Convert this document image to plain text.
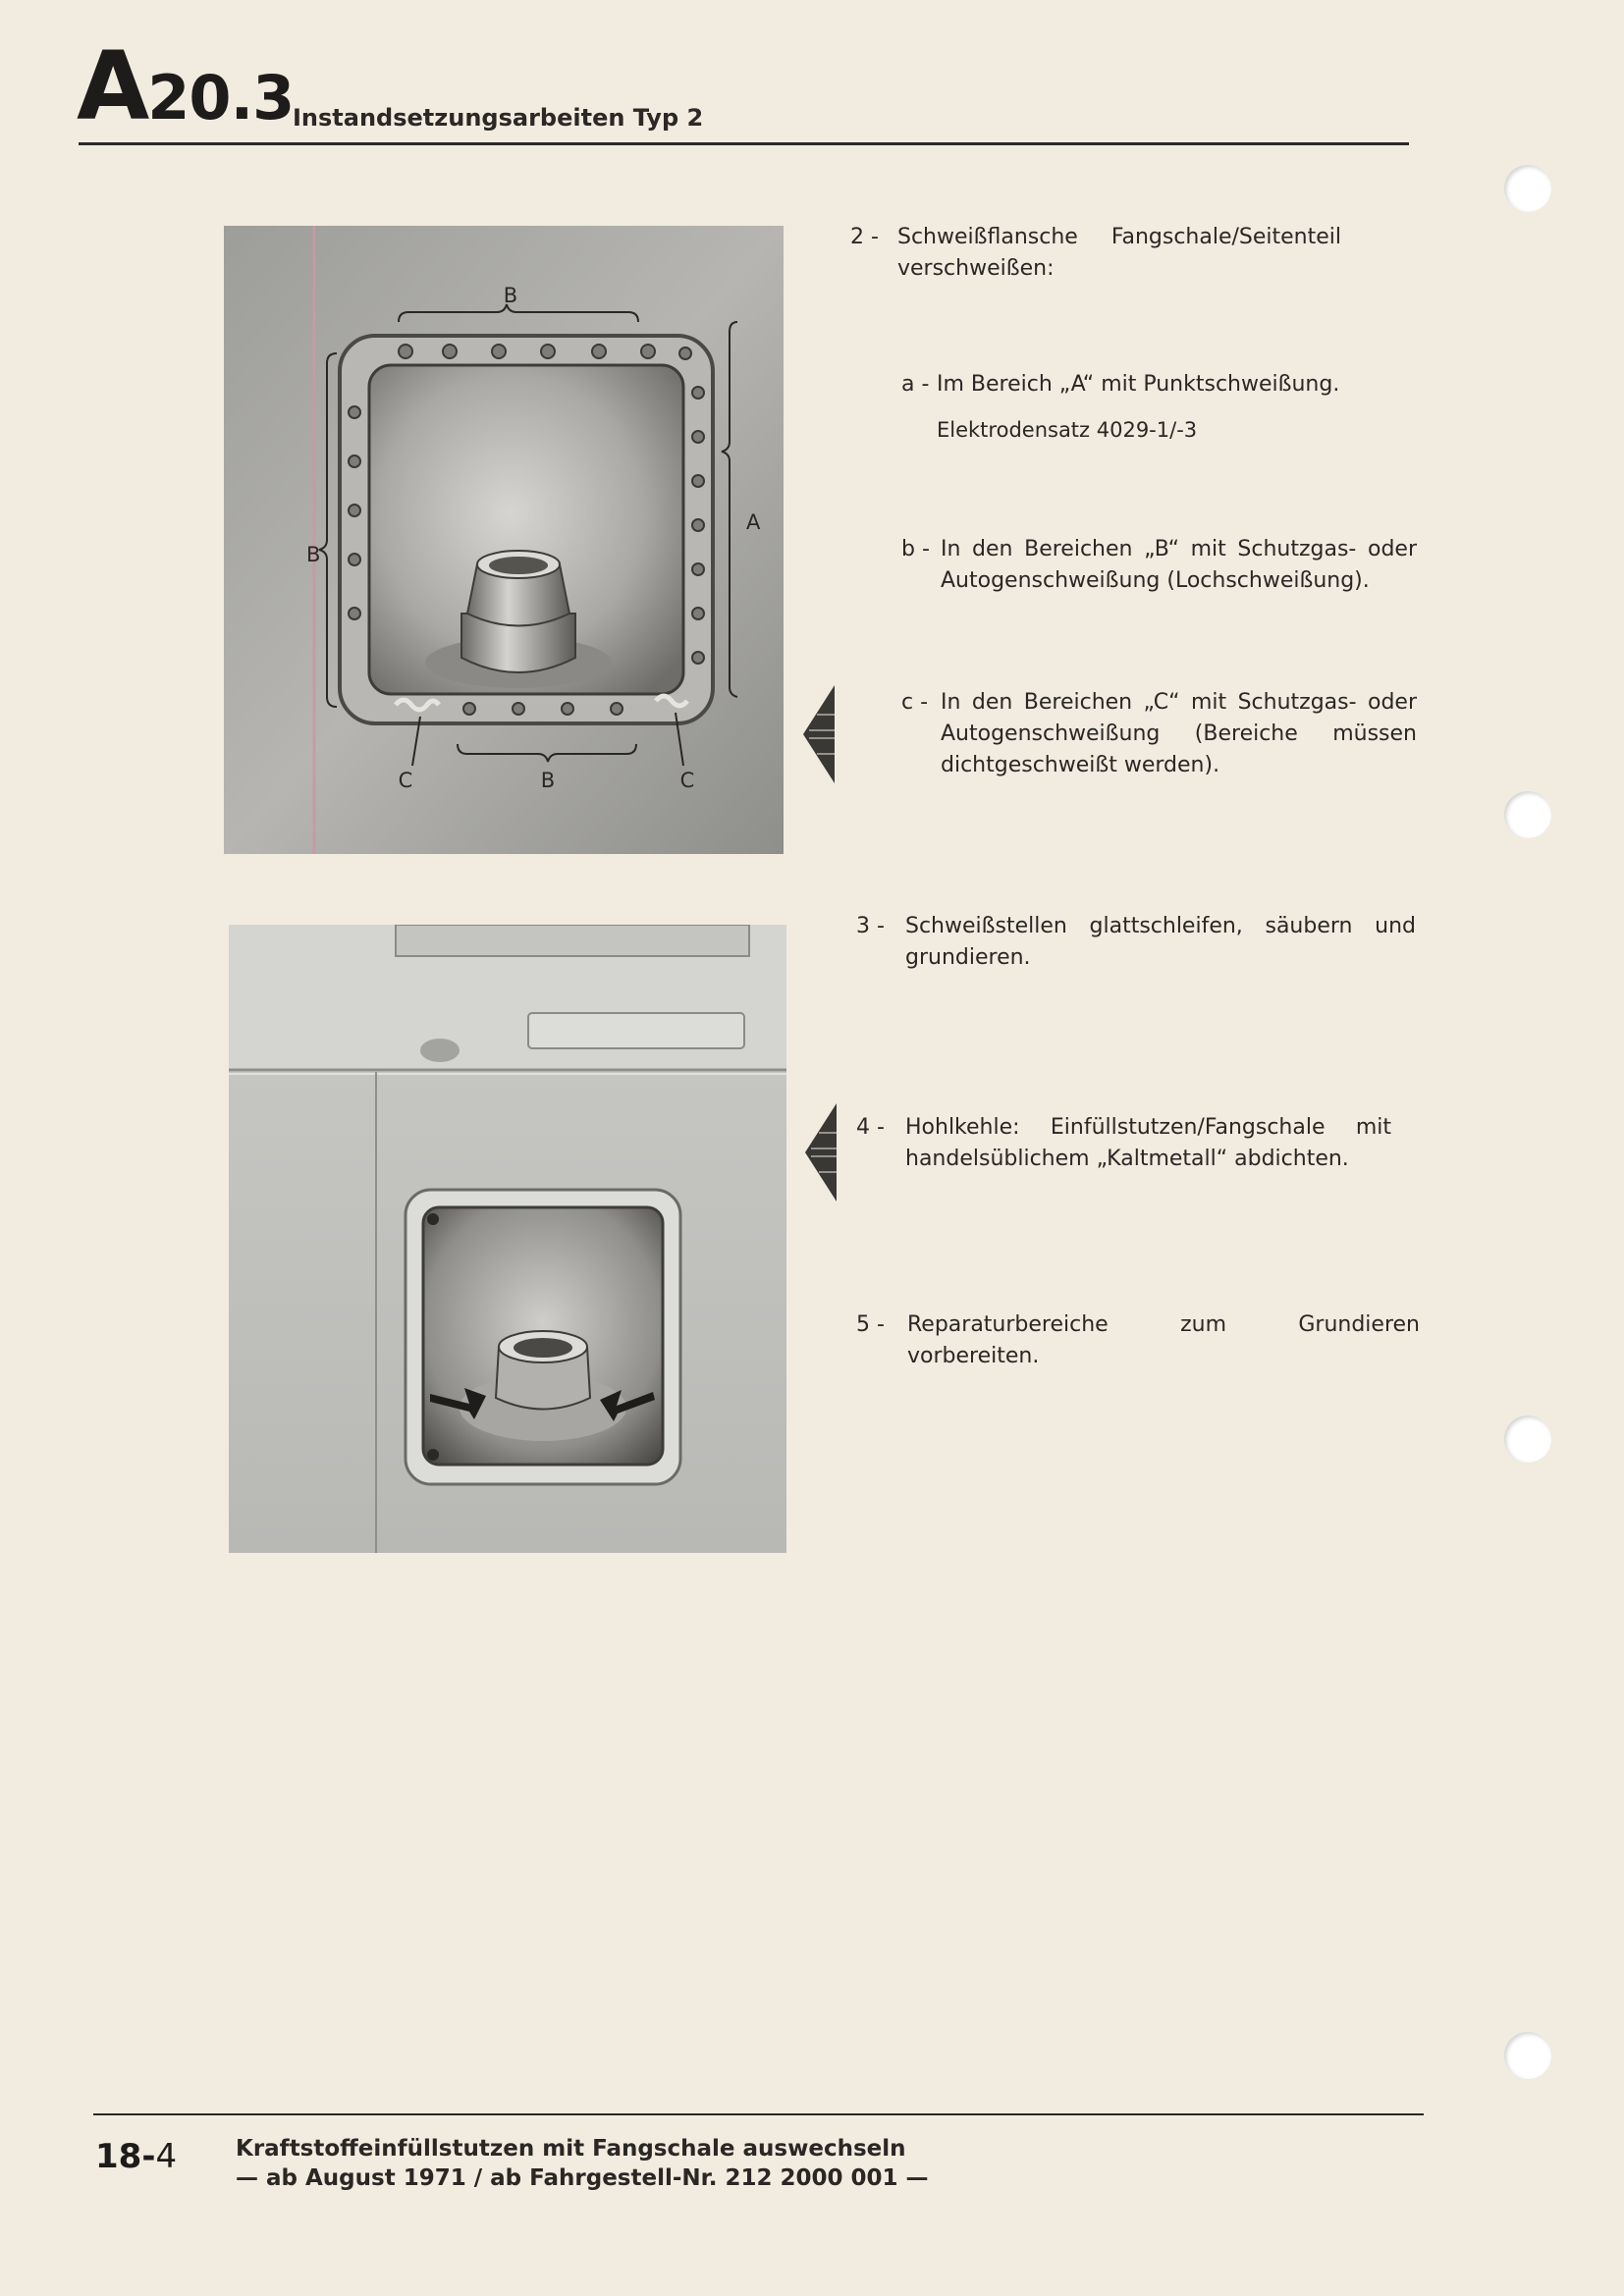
A20.3
Instandsetzungsarbeiten Typ 2
B
A
B
B
C	C
2 - Schweißflansche Fangschale/Seitenteil verschweißen:
a - Im Bereich „A“ mit Punktschweißung.
Elektrodensatz 4029-1/-3
b - In den Bereichen „B“ mit Schutzgas- oder Autogenschweißung (Lochschweißung).
c - In den Bereichen „C“ mit Schutzgas- oder Autogenschweißung (Bereiche müssen dichtgeschweißt werden).
3 - Schweißstellen glattschleifen, säubern und grundieren.
4 - Hohlkehle: Einfüllstutzen/Fangschale mit handelsüblichem „Kaltmetall“ abdichten.
5 - Reparaturbereiche zum Grundieren vorbereiten.
18-4	Kraftstoffeinfüllstutzen mit Fangschale auswechseln
— ab August 1971 / ab Fahrgestell-Nr. 212 2000 001 —
